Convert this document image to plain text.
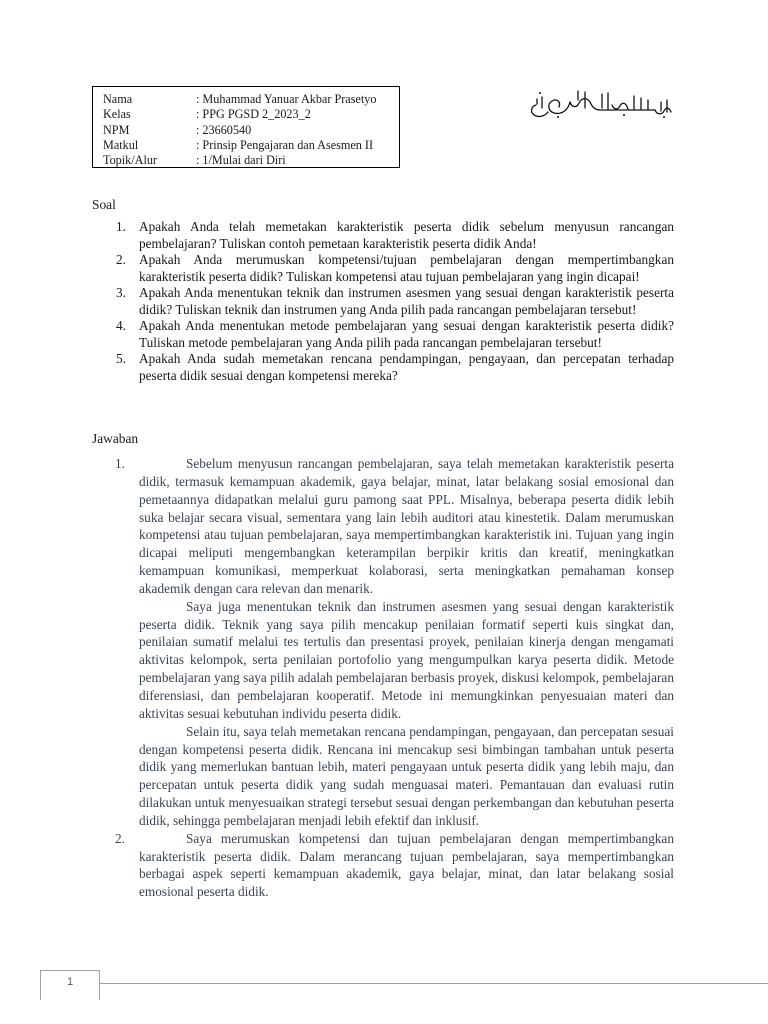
Nama	: Muhammad Yanuar Akbar Prasetyo
Kelas	: PPG PGSD 2_2023_2
NPM	: 23660540
Matkul	: Prinsip Pengajaran dan Asesmen II
Topik/Alur	: 1/Mulai dari Diri
Soal
1. Apakah Anda telah memetakan karakteristik peserta didik sebelum menyusun rancangan pembelajaran? Tuliskan contoh pemetaan karakteristik peserta didik Anda!
2. Apakah Anda merumuskan kompetensi/tujuan pembelajaran dengan mempertimbangkan karakteristik peserta didik? Tuliskan kompetensi atau tujuan pembelajaran yang ingin dicapai!
3. Apakah Anda menentukan teknik dan instrumen asesmen yang sesuai dengan karakteristik peserta didik? Tuliskan teknik dan instrumen yang Anda pilih pada rancangan pembelajaran tersebut!
4. Apakah Anda menentukan metode pembelajaran yang sesuai dengan karakteristik peserta didik? Tuliskan metode pembelajaran yang Anda pilih pada rancangan pembelajaran tersebut!
5. Apakah Anda sudah memetakan rencana pendampingan, pengayaan, dan percepatan terhadap peserta didik sesuai dengan kompetensi mereka?
Jawaban
1.	Sebelum menyusun rancangan pembelajaran, saya telah memetakan karakteristik peserta didik, termasuk kemampuan akademik, gaya belajar, minat, latar belakang sosial emosional dan pemetaannya didapatkan melalui guru pamong saat PPL. Misalnya, beberapa peserta didik lebih suka belajar secara visual, sementara yang lain lebih auditori atau kinestetik. Dalam merumuskan kompetensi atau tujuan pembelajaran, saya mempertimbangkan karakteristik ini. Tujuan yang ingin dicapai meliputi mengembangkan keterampilan berpikir kritis dan kreatif, meningkatkan kemampuan komunikasi, memperkuat kolaborasi, serta meningkatkan pemahaman konsep akademik dengan cara relevan dan menarik.

Saya juga menentukan teknik dan instrumen asesmen yang sesuai dengan karakteristik peserta didik. Teknik yang saya pilih mencakup penilaian formatif seperti kuis singkat dan, penilaian sumatif melalui tes tertulis dan presentasi proyek, penilaian kinerja dengan mengamati aktivitas kelompok, serta penilaian portofolio yang mengumpulkan karya peserta didik. Metode pembelajaran yang saya pilih adalah pembelajaran berbasis proyek, diskusi kelompok, pembelajaran diferensiasi, dan pembelajaran kooperatif. Metode ini memungkinkan penyesuaian materi dan aktivitas sesuai kebutuhan individu peserta didik.

Selain itu, saya telah memetakan rencana pendampingan, pengayaan, dan percepatan sesuai dengan kompetensi peserta didik. Rencana ini mencakup sesi bimbingan tambahan untuk peserta didik yang memerlukan bantuan lebih, materi pengayaan untuk peserta didik yang lebih maju, dan percepatan untuk peserta didik yang sudah menguasai materi. Pemantauan dan evaluasi rutin dilakukan untuk menyesuaikan strategi tersebut sesuai dengan perkembangan dan kebutuhan peserta didik, sehingga pembelajaran menjadi lebih efektif dan inklusif.

2.	Saya merumuskan kompetensi dan tujuan pembelajaran dengan mempertimbangkan karakteristik peserta didik. Dalam merancang tujuan pembelajaran, saya mempertimbangkan berbagai aspek seperti kemampuan akademik, gaya belajar, minat, dan latar belakang sosial emosional peserta didik.

1
